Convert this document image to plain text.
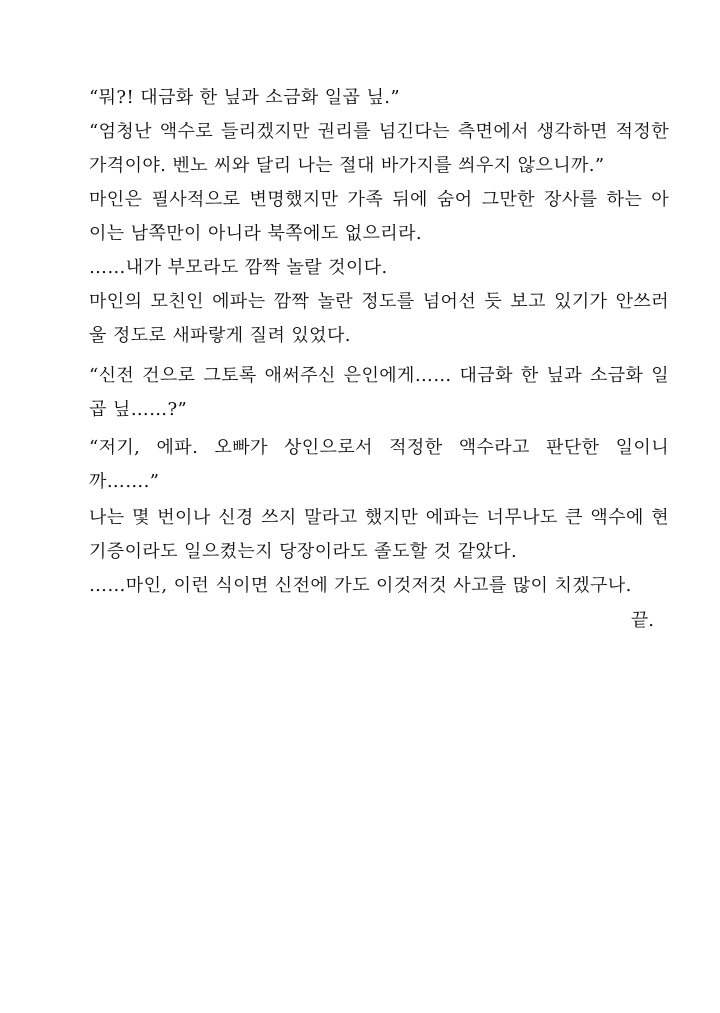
“뭐?! 대금화 한 닢과 소금화 일곱 닢.”
“엄청난 액수로 들리겠지만 권리를 넘긴다는 측면에서 생각하면 적정한
가격이야. 벤노 씨와 달리 나는 절대 바가지를 씌우지 않으니까.”
마인은 필사적으로 변명했지만 가족 뒤에 숨어 그만한 장사를 하는 아
이는 남쪽만이 아니라 북쪽에도 없으리라.
……내가 부모라도 깜짝 놀랄 것이다.
마인의 모친인 에파는 깜짝 놀란 정도를 넘어선 듯 보고 있기가 안쓰러
울 정도로 새파랗게 질려 있었다.
“신전 건으로 그토록 애써주신 은인에게…… 대금화 한 닢과 소금화 일
곱 닢……?”
“저기, 에파. 오빠가 상인으로서 적정한 액수라고 판단한 일이니
까…….”
나는 몇 번이나 신경 쓰지 말라고 했지만 에파는 너무나도 큰 액수에 현
기증이라도 일으켰는지 당장이라도 졸도할 것 같았다.
……마인, 이런 식이면 신전에 가도 이것저것 사고를 많이 치겠구나.
끝.
